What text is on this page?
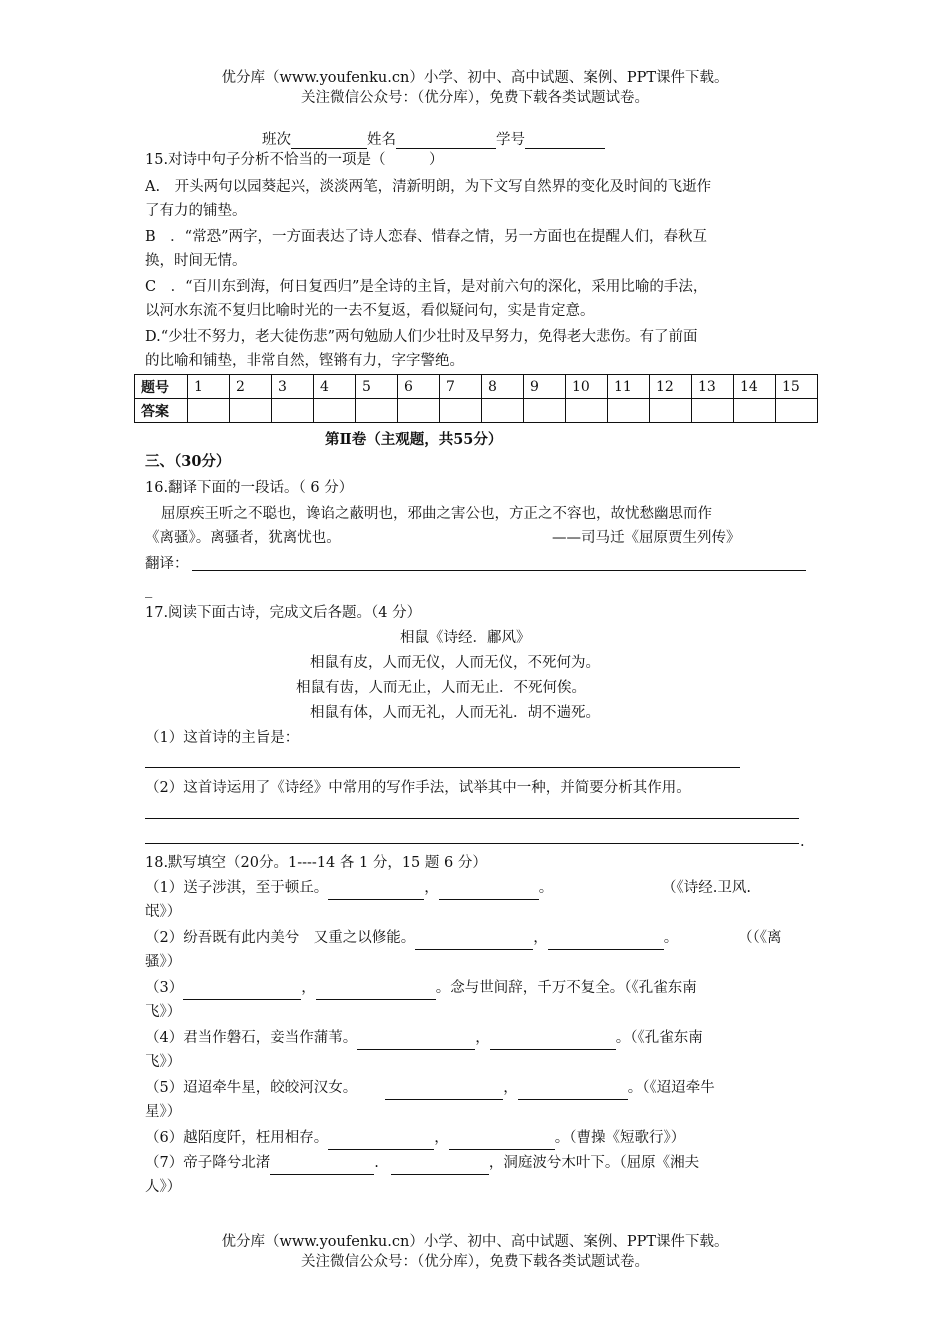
优分库（www.youfenku.cn）小学、初中、高中试题、案例、PPT课件下载。
关注微信公众号：（优分库），免费下载各类试题试卷。
班次	姓名	学号
15.对诗中句子分析不恰当的一项是（　　　）
A.　开头两句以园葵起兴，淡淡两笔，清新明朗，为下文写自然界的变化及时间的飞逝作
了有力的铺垫。
B　．“常恐”两字，一方面表达了诗人恋春、惜春之情，另一方面也在提醒人们，春秋互
换，时间无情。
C　．“百川东到海，何日复西归”是全诗的主旨，是对前六句的深化，采用比喻的手法，
以河水东流不复归比喻时光的一去不复返，看似疑问句，实是肯定意。
D.“少壮不努力，老大徒伤悲”两句勉励人们少壮时及早努力，免得老大悲伤。有了前面
的比喻和铺垫，非常自然，铿锵有力，字字警绝。
题号	1	2	3	4	5	6	7	8	9	10	11	12	13	14	15
答案															
第Ⅱ卷（主观题，共55分）
三、（30分）
16.翻译下面的一段话。（ 6 分）
屈原疾王听之不聪也，谗谄之蔽明也，邪曲之害公也，方正之不容也，故忧愁幽思而作
《离骚》。离骚者，犹离忧也。	——司马迁《屈原贾生列传》
翻译：
_
17.阅读下面古诗，完成文后各题。（4 分）
相鼠《诗经．鄘风》
相鼠有皮，人而无仪，人而无仪，不死何为。
相鼠有齿，人而无止，人而无止．不死何俟。
相鼠有体，人而无礼，人而无礼．胡不遄死。
（1）这首诗的主旨是：
（2）这首诗运用了《诗经》中常用的写作手法，试举其中一种，并简要分析其作用。
.
18.默写填空（20分。1----14 各 1 分，15 题 6 分）
（1）送子涉淇，至于顿丘。	，	。	（《诗经.卫风.
氓》）
（2）纷吾既有此内美兮　又重之以修能。	，	。	（（《离
骚》）
（3）	，	。念与世间辞，千万不复全。（《孔雀东南
飞》）
（4）君当作磐石，妾当作蒲苇。	，	。（《孔雀东南
飞》）
（5）迢迢牵牛星，皎皎河汉女。	，	。（《迢迢牵牛
星》）
（6）越陌度阡，枉用相存。	，	。（曹操《短歌行》）
（7）帝子降兮北渚	.	，洞庭波兮木叶下。（屈原《湘夫
人》）
优分库（www.youfenku.cn）小学、初中、高中试题、案例、PPT课件下载。
关注微信公众号：（优分库），免费下载各类试题试卷。
